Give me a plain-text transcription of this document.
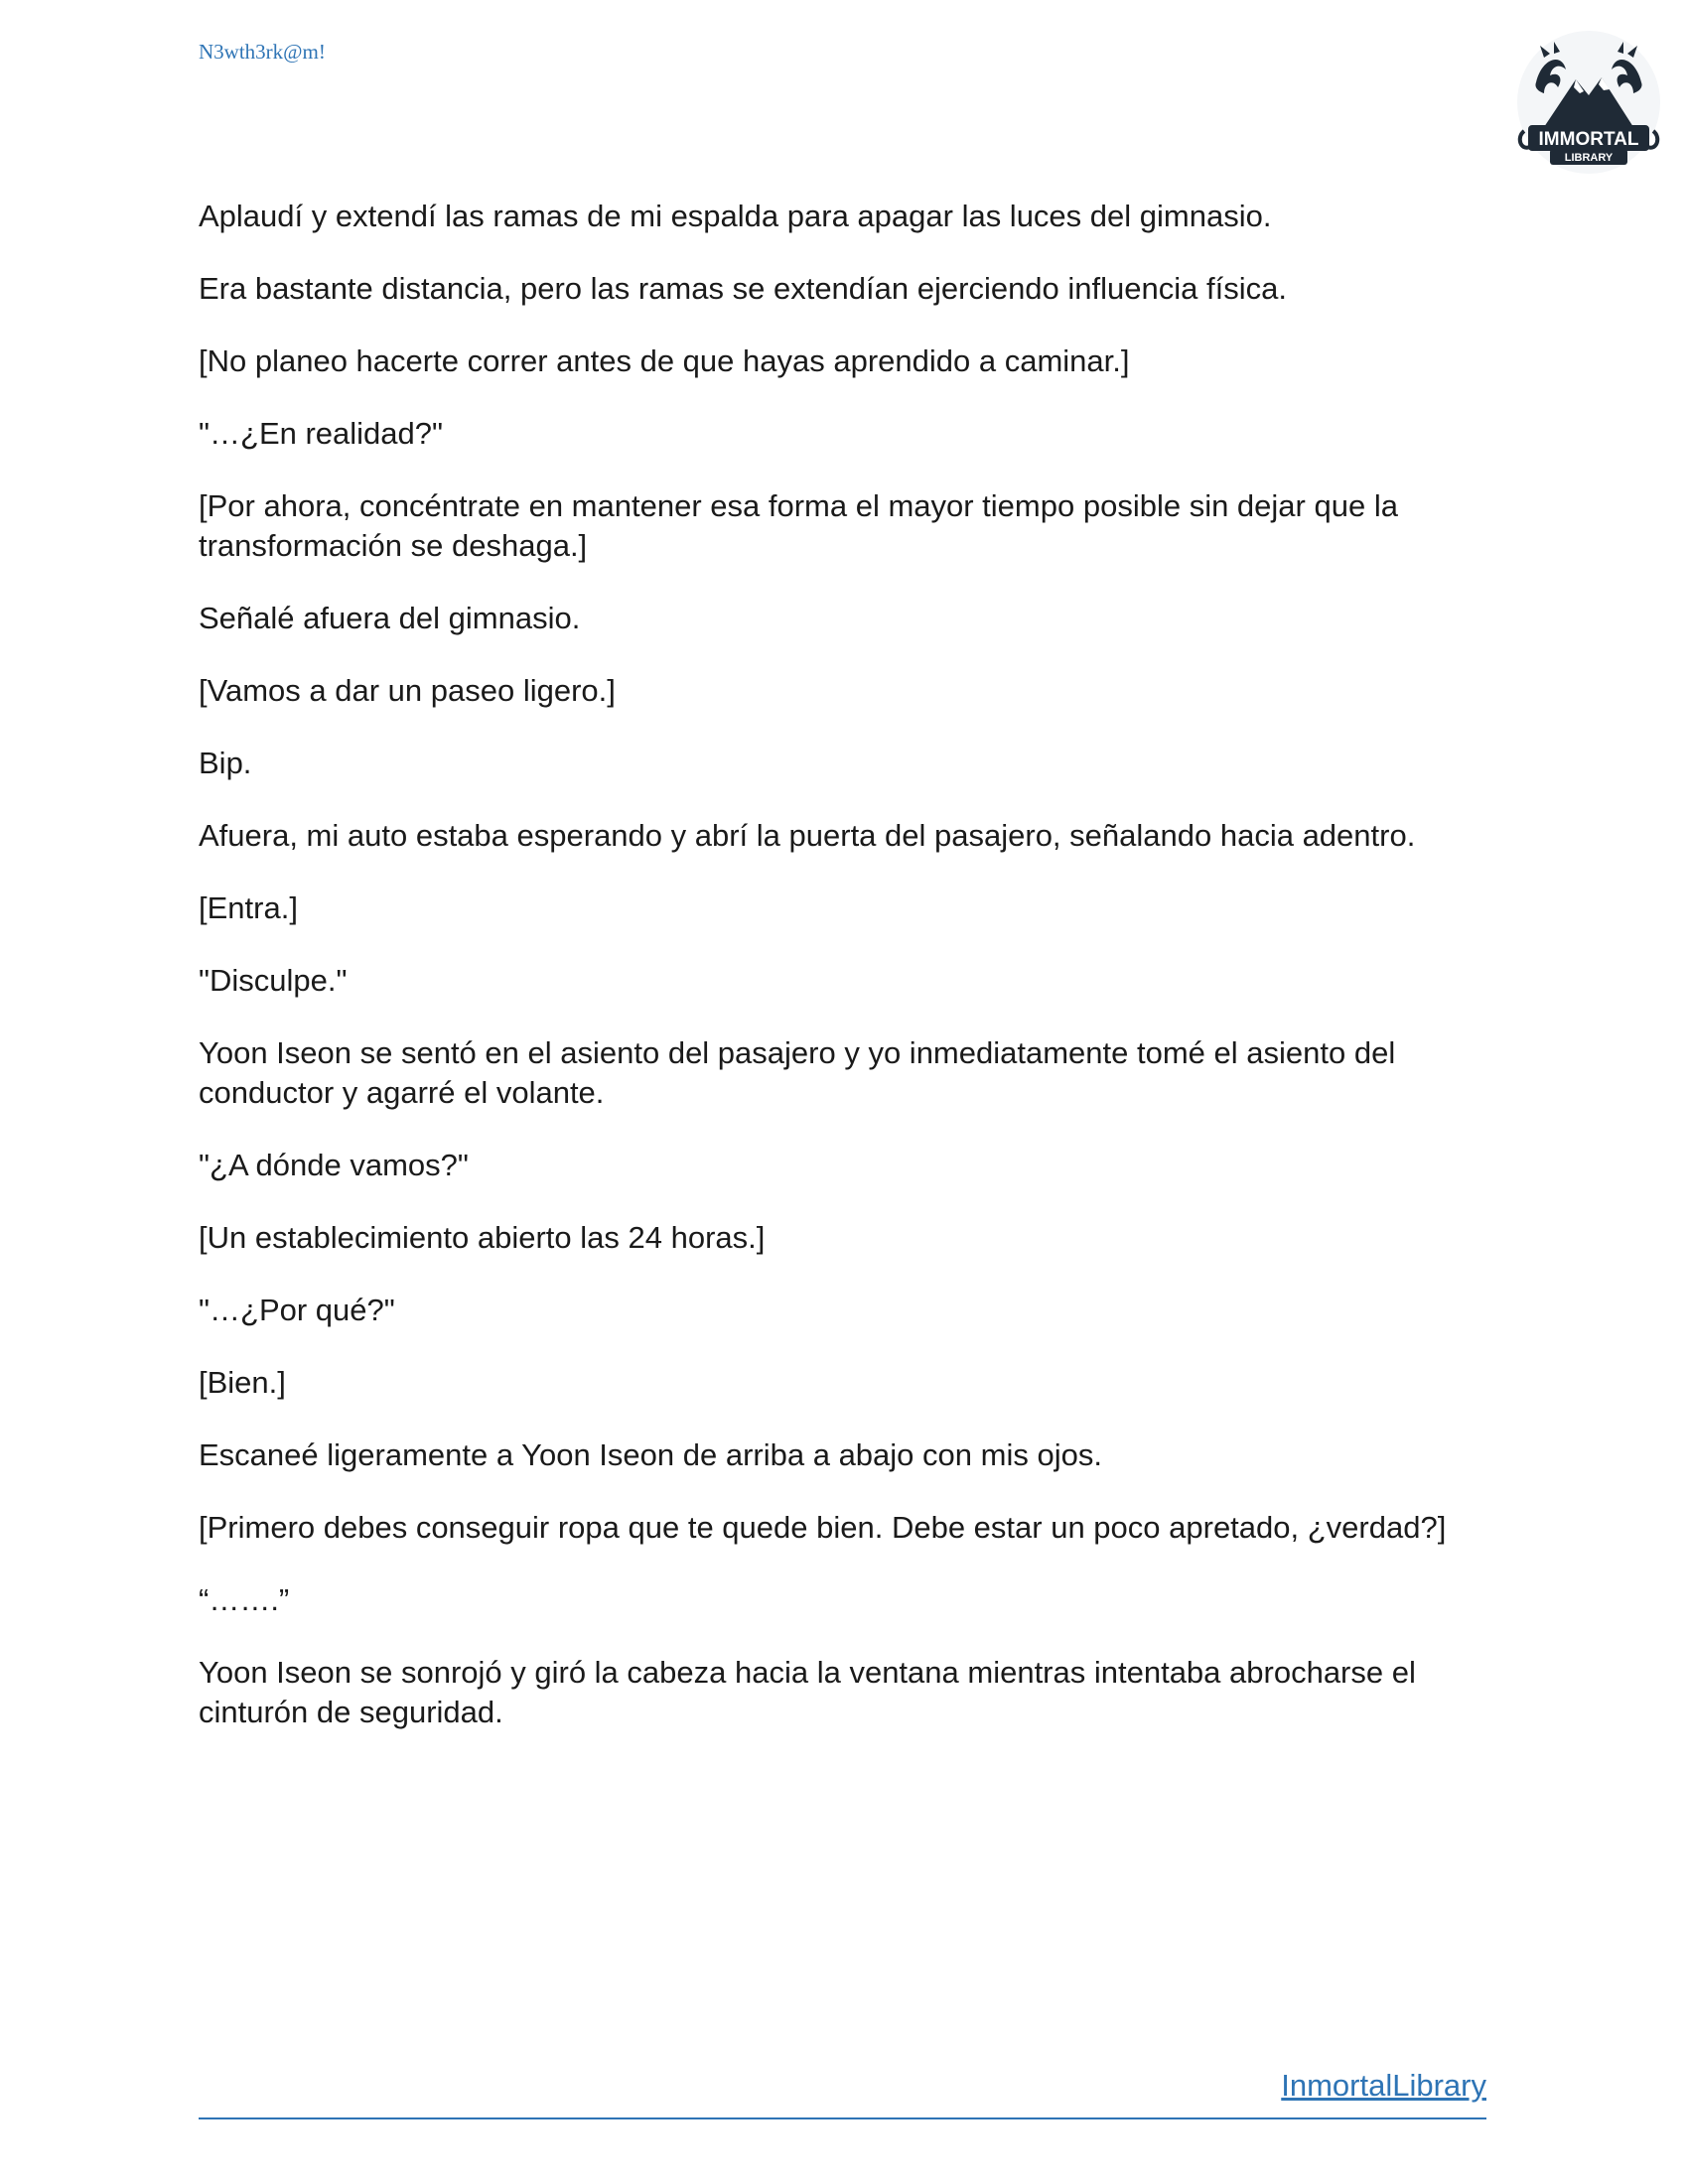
N3wth3rk@m!
IMMORTAL
LIBRARY

Aplaudí y extendí las ramas de mi espalda para apagar las luces del gimnasio.

Era bastante distancia, pero las ramas se extendían ejerciendo influencia física.

[No planeo hacerte correr antes de que hayas aprendido a caminar.]

"…¿En realidad?"

[Por ahora, concéntrate en mantener esa forma el mayor tiempo posible sin dejar que la transformación se deshaga.]

Señalé afuera del gimnasio.

[Vamos a dar un paseo ligero.]

Bip.

Afuera, mi auto estaba esperando y abrí la puerta del pasajero, señalando hacia adentro.

[Entra.]

"Disculpe."

Yoon Iseon se sentó en el asiento del pasajero y yo inmediatamente tomé el asiento del conductor y agarré el volante.

"¿A dónde vamos?"

[Un establecimiento abierto las 24 horas.]

"…¿Por qué?"

[Bien.]

Escaneé ligeramente a Yoon Iseon de arriba a abajo con mis ojos.

[Primero debes conseguir ropa que te quede bien. Debe estar un poco apretado, ¿verdad?]

“…….”

Yoon Iseon se sonrojó y giró la cabeza hacia la ventana mientras intentaba abrocharse el cinturón de seguridad.

InmortalLibrary
